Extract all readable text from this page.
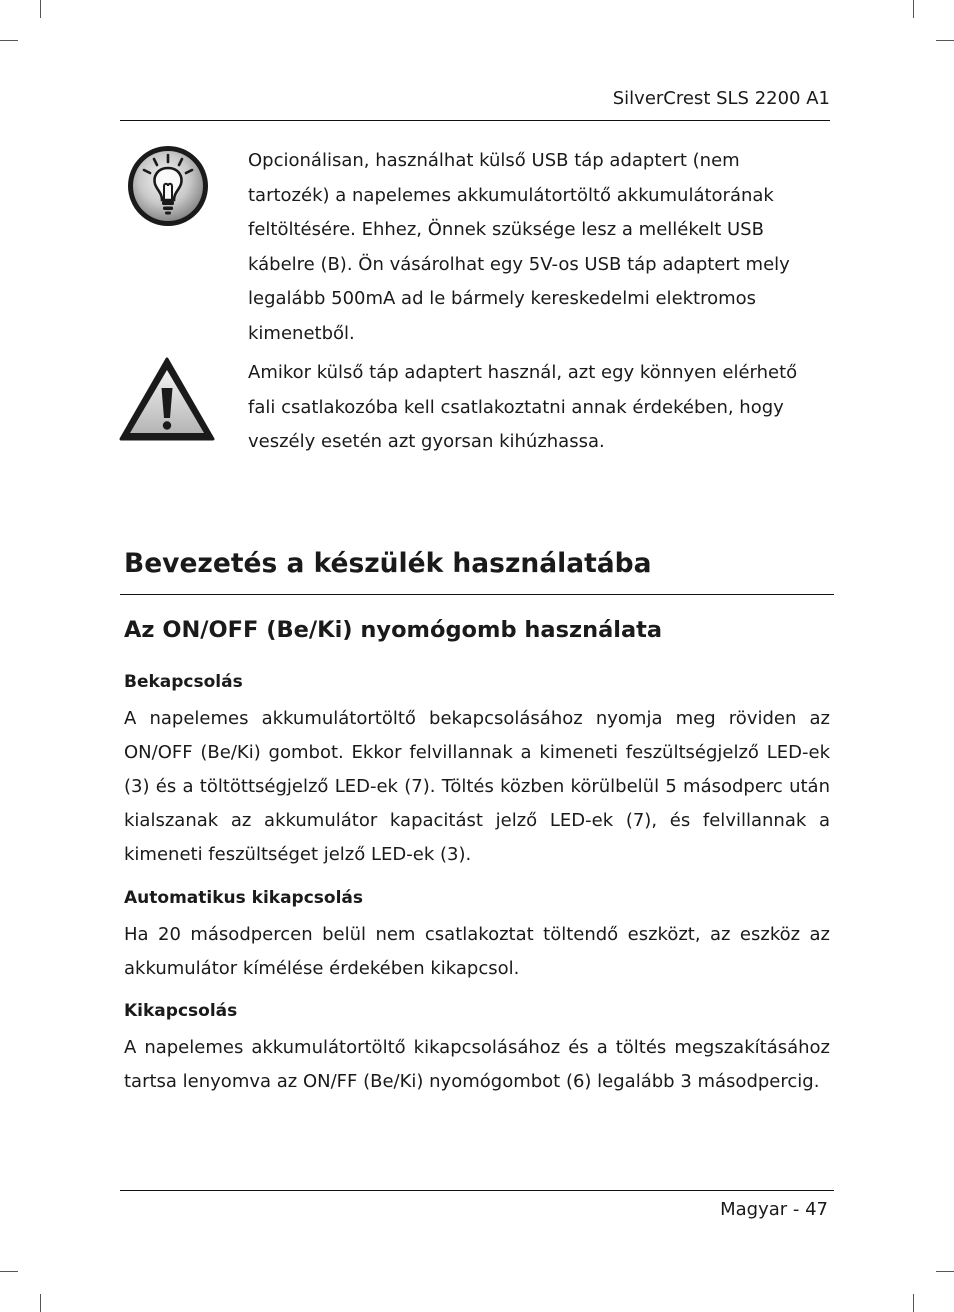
SilverCrest SLS 2200 A1
Opcionálisan, használhat külső USB táp adaptert (nem tartozék) a napelemes akkumulátortöltő akkumulátorának feltöltésére. Ehhez, Önnek szüksége lesz a mellékelt USB kábelre (B). Ön vásárolhat egy 5V-os USB táp adaptert mely legalább 500mA ad le bármely kereskedelmi elektromos kimenetből.
Amikor külső táp adaptert használ, azt egy könnyen elérhető fali csatlakozóba kell csatlakoztatni annak érdekében, hogy veszély esetén azt gyorsan kihúzhassa.
Bevezetés a készülék használatába
Az ON/OFF (Be/Ki) nyomógomb használata
Bekapcsolás

A napelemes akkumulátortöltő bekapcsolásához nyomja meg röviden az ON/OFF (Be/Ki) gombot. Ekkor felvillannak a kimeneti feszültségjelző LED-ek (3) és a töltöttségjelző LED-ek (7). Töltés közben körülbelül 5 másodperc után kialszanak az akkumulátor kapacitást jelző LED-ek (7), és felvillannak a kimeneti feszültséget jelző LED-ek (3).

Automatikus kikapcsolás

Ha 20 másodpercen belül nem csatlakoztat töltendő eszközt, az eszköz az akkumulátor kímélése érdekében kikapcsol.

Kikapcsolás

A napelemes akkumulátortöltő kikapcsolásához és a töltés megszakításához tartsa lenyomva az ON/FF (Be/Ki) nyomógombot (6) legalább 3 másodpercig.

Magyar - 47
